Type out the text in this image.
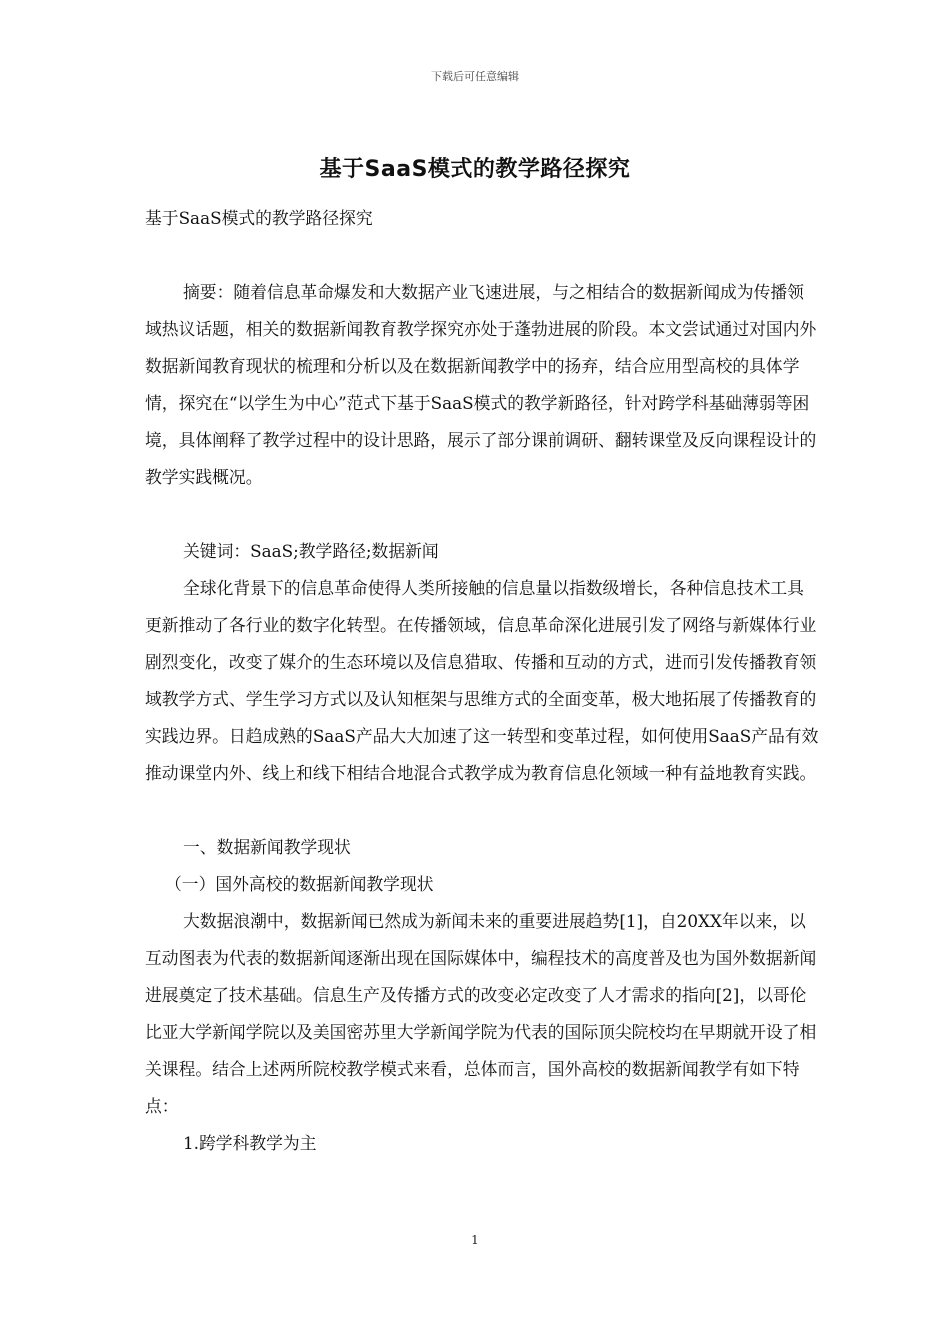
下载后可任意编辑
基于SaaS模式的教学路径探究

基于SaaS模式的教学路径探究

摘要：随着信息革命爆发和大数据产业飞速进展，与之相结合的数据新闻成为传播领域热议话题，相关的数据新闻教育教学探究亦处于蓬勃进展的阶段。本文尝试通过对国内外数据新闻教育现状的梳理和分析以及在数据新闻教学中的扬弃，结合应用型高校的具体学情，探究在“以学生为中心”范式下基于SaaS模式的教学新路径，针对跨学科基础薄弱等困境，具体阐释了教学过程中的设计思路，展示了部分课前调研、翻转课堂及反向课程设计的教学实践概况。

关键词：SaaS;教学路径;数据新闻

全球化背景下的信息革命使得人类所接触的信息量以指数级增长，各种信息技术工具更新推动了各行业的数字化转型。在传播领域，信息革命深化进展引发了网络与新媒体行业剧烈变化，改变了媒介的生态环境以及信息猎取、传播和互动的方式，进而引发传播教育领域教学方式、学生学习方式以及认知框架与思维方式的全面变革，极大地拓展了传播教育的实践边界。日趋成熟的SaaS产品大大加速了这一转型和变革过程，如何使用SaaS产品有效推动课堂内外、线上和线下相结合地混合式教学成为教育信息化领域一种有益地教育实践。

一、数据新闻教学现状

（一）国外高校的数据新闻教学现状

大数据浪潮中，数据新闻已然成为新闻未来的重要进展趋势[1]，自20XX年以来，以互动图表为代表的数据新闻逐渐出现在国际媒体中，编程技术的高度普及也为国外数据新闻进展奠定了技术基础。信息生产及传播方式的改变必定改变了人才需求的指向[2]，以哥伦比亚大学新闻学院以及美国密苏里大学新闻学院为代表的国际顶尖院校均在早期就开设了相关课程。结合上述两所院校教学模式来看，总体而言，国外高校的数据新闻教学有如下特点：

1.跨学科教学为主

1
